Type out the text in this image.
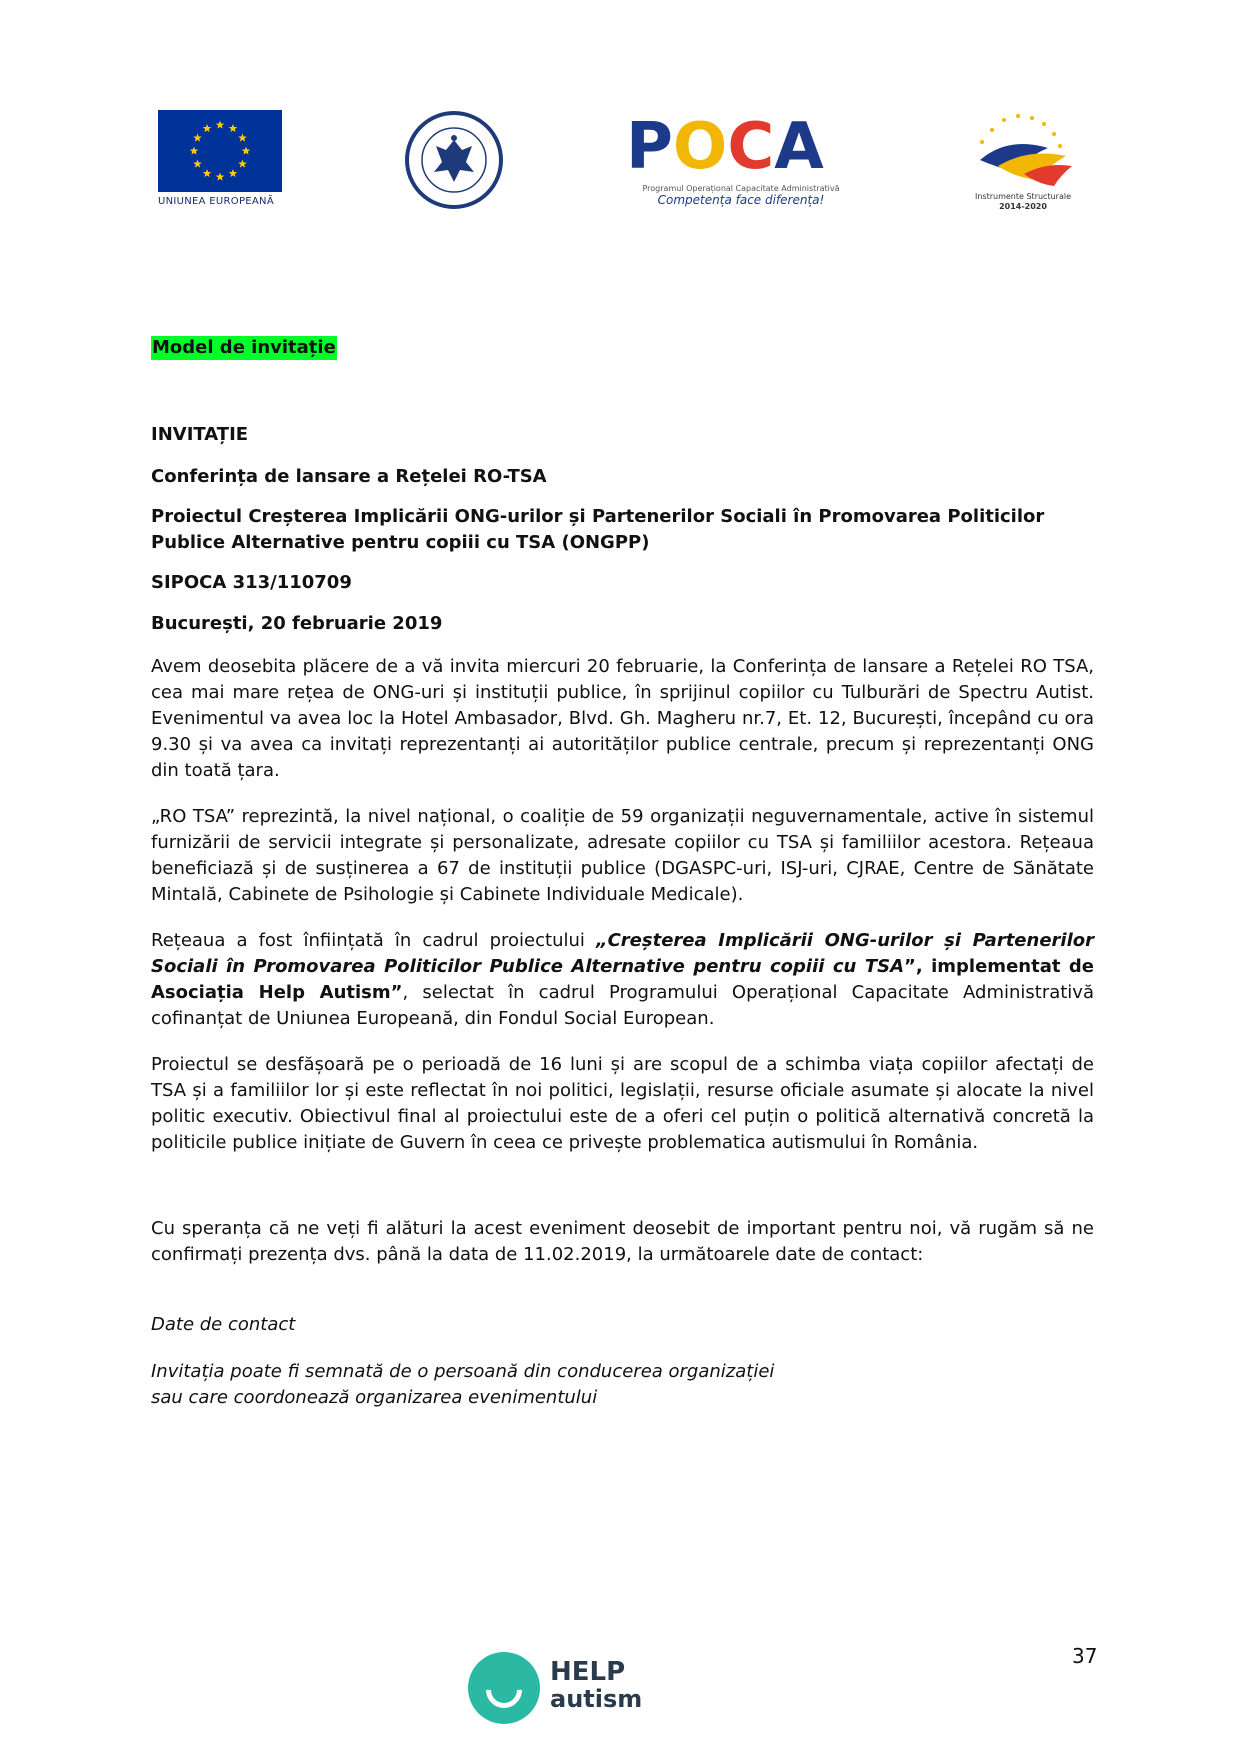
UNIUNEA EUROPEANĂ
P O C A
Programul Operațional Capacitate Administrativă
Competența face diferența!	Instrumente Structurale
2014-2020
Model de invitație

INVITAȚIE

Conferința de lansare a Rețelei RO-TSA

Proiectul Creșterea Implicării ONG-urilor și Partenerilor Sociali în Promovarea Politicilor Publice Alternative pentru copiii cu TSA (ONGPP)

SIPOCA 313/110709

București, 20 februarie 2019

Avem deosebita plăcere de a vă invita miercuri 20 februarie, la Conferința de lansare a Rețelei RO TSA, cea mai mare rețea de ONG-uri și instituții publice, în sprijinul copiilor cu Tulburări de Spectru Autist. Evenimentul va avea loc la Hotel Ambasador, Blvd. Gh. Magheru nr.7, Et. 12, București, începând cu ora 9.30 și va avea ca invitați reprezentanți ai autorităților publice centrale, precum și reprezentanți ONG din toată țara.

„RO TSA” reprezintă, la nivel național, o coaliție de 59 organizații neguvernamentale, active în sistemul furnizării de servicii integrate și personalizate, adresate copiilor cu TSA și familiilor acestora. Rețeaua beneficiază și de susținerea a 67 de instituții publice (DGASPC-uri, ISJ-uri, CJRAE, Centre de Sănătate Mintală, Cabinete de Psihologie și Cabinete Individuale Medicale).

Rețeaua a fost înființată în cadrul proiectului „Creșterea Implicării ONG-urilor și Partenerilor Sociali în Promovarea Politicilor Publice Alternative pentru copiii cu TSA”, implementat de Asociația Help Autism”, selectat în cadrul Programului Operațional Capacitate Administrativă cofinanțat de Uniunea Europeană, din Fondul Social European.

Proiectul se desfășoară pe o perioadă de 16 luni și are scopul de a schimba viața copiilor afectați de TSA și a familiilor lor și este reflectat în noi politici, legislații, resurse oficiale asumate și alocate la nivel politic executiv. Obiectivul final al proiectului este de a oferi cel puțin o politică alternativă concretă la politicile publice inițiate de Guvern în ceea ce privește problematica autismului în România.

Cu speranța că ne veți fi alături la acest eveniment deosebit de important pentru noi, vă rugăm să ne confirmați prezența dvs. până la data de 11.02.2019, la următoarele date de contact:

Date de contact

Invitația poate fi semnată de o persoană din conducerea organizației

sau care coordonează organizarea evenimentului

37
HELP
autism
